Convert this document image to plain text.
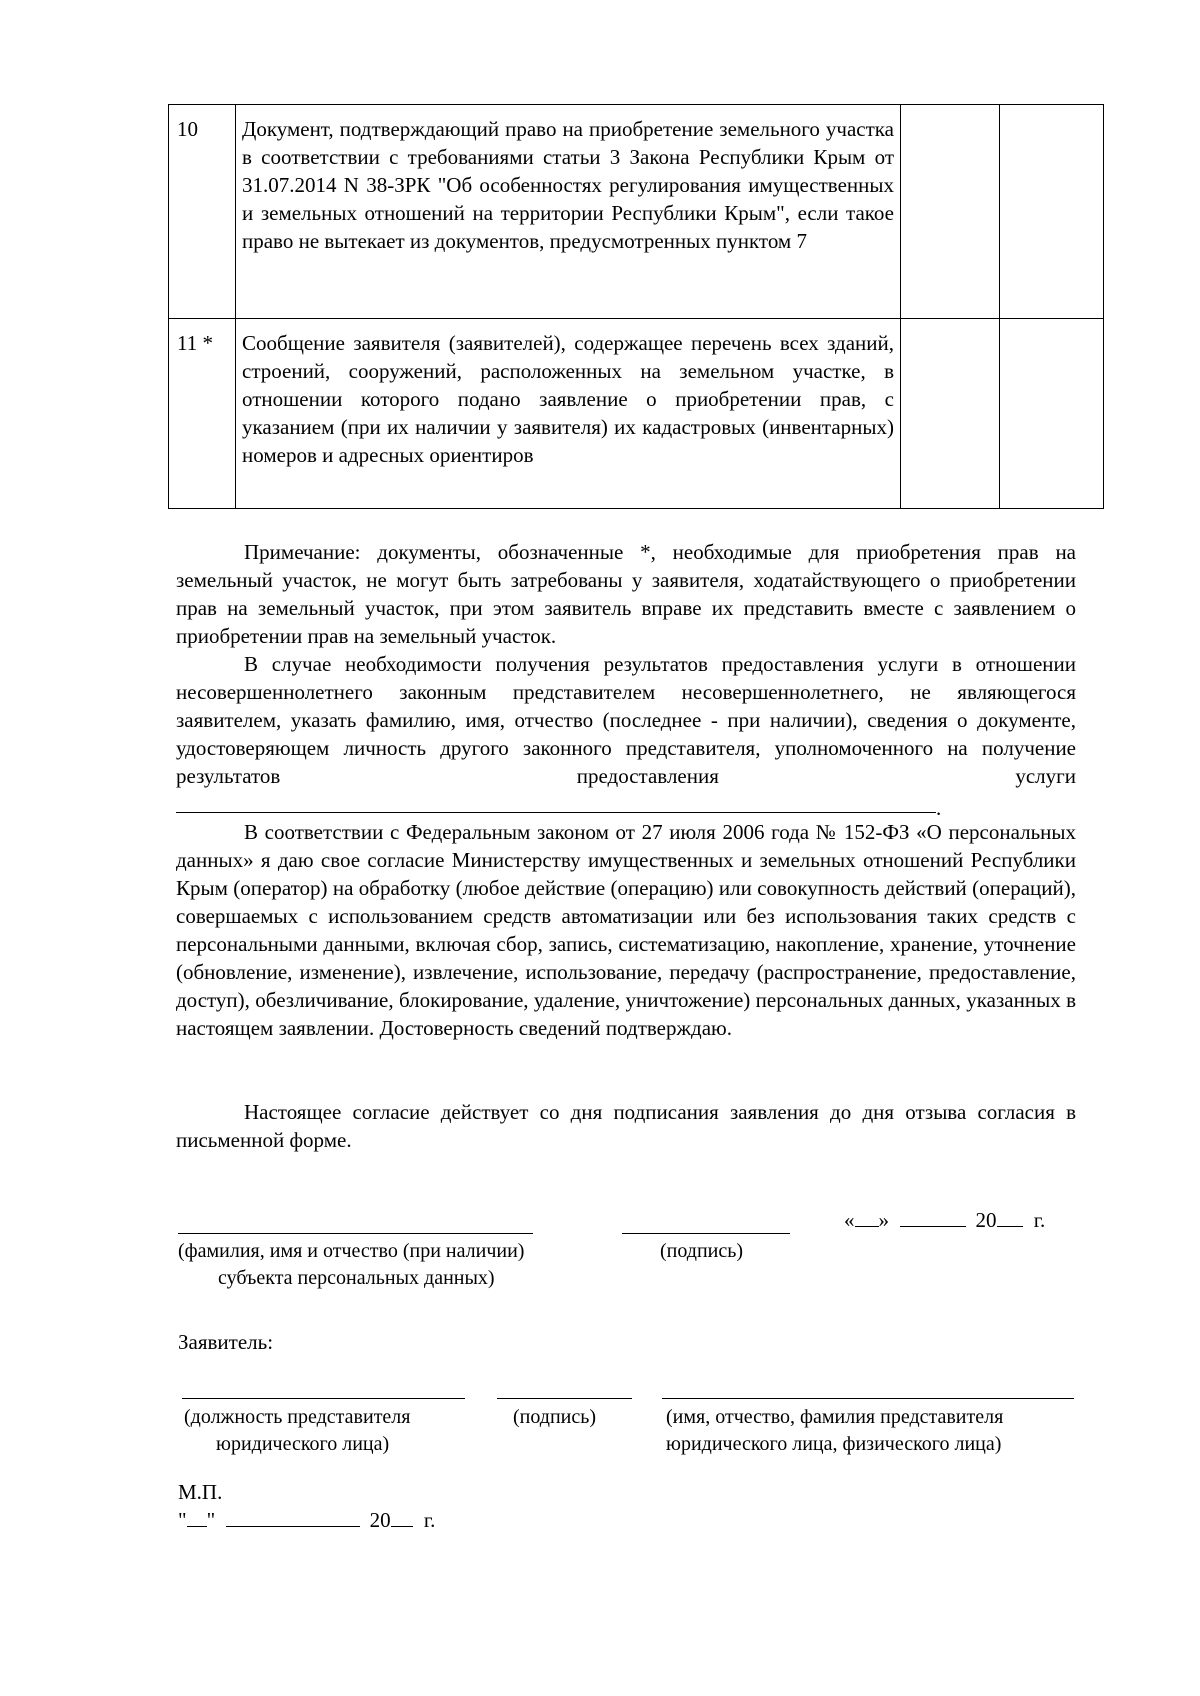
10	Документ, подтверждающий право на приобретение земельного участка в соответствии с требованиями статьи 3 Закона Республики Крым от 31.07.2014 N 38-ЗРК "Об особенностях регулирования имущественных и земельных отношений на территории Республики Крым", если такое право не вытекает из документов, предусмотренных пунктом 7		
11 *	Сообщение заявителя (заявителей), содержащее перечень всех зданий, строений, сооружений, расположенных на земельном участке, в отношении которого подано заявление о приобретении прав, с указанием (при их наличии у заявителя) их кадастровых (инвентарных) номеров и адресных ориентиров		
Примечание: документы, обозначенные *, необходимые для приобретения прав на земельный участок, не могут быть затребованы у заявителя, ходатайствующего о приобретении прав на земельный участок, при этом заявитель вправе их представить вместе с заявлением о приобретении прав на земельный участок.
В случае необходимости получения результатов предоставления услуги в отношении несовершеннолетнего законным представителем несовершеннолетнего, не являющегося заявителем, указать фамилию, имя, отчество (последнее - при наличии), сведения о документе, удостоверяющем личность другого законного представителя, уполномоченного на получение результатов предоставления услуги
.
В соответствии с Федеральным законом от 27 июля 2006 года № 152-ФЗ «О персональных данных» я даю свое согласие Министерству имущественных и земельных отношений Республики Крым (оператор) на обработку (любое действие (операцию) или совокупность действий (операций), совершаемых с использованием средств автоматизации или без использования таких средств с персональными данными, включая сбор, запись, систематизацию, накопление, хранение, уточнение (обновление, изменение), извлечение, использование, передачу (распространение, предоставление, доступ), обезличивание, блокирование, удаление, уничтожение) персональных данных, указанных в настоящем заявлении. Достоверность сведений подтверждаю.
Настоящее согласие действует со дня подписания заявления до дня отзыва согласия в письменной форме.
(фамилия, имя и отчество (при наличии)
субъекта персональных данных)
(подпись)
« »	20 г.
Заявитель:
(должность представителя
юридического лица)
(подпись)	(имя, отчество, фамилия представителя
юридического лица, физического лица)
М.П.
" "	20 г.
